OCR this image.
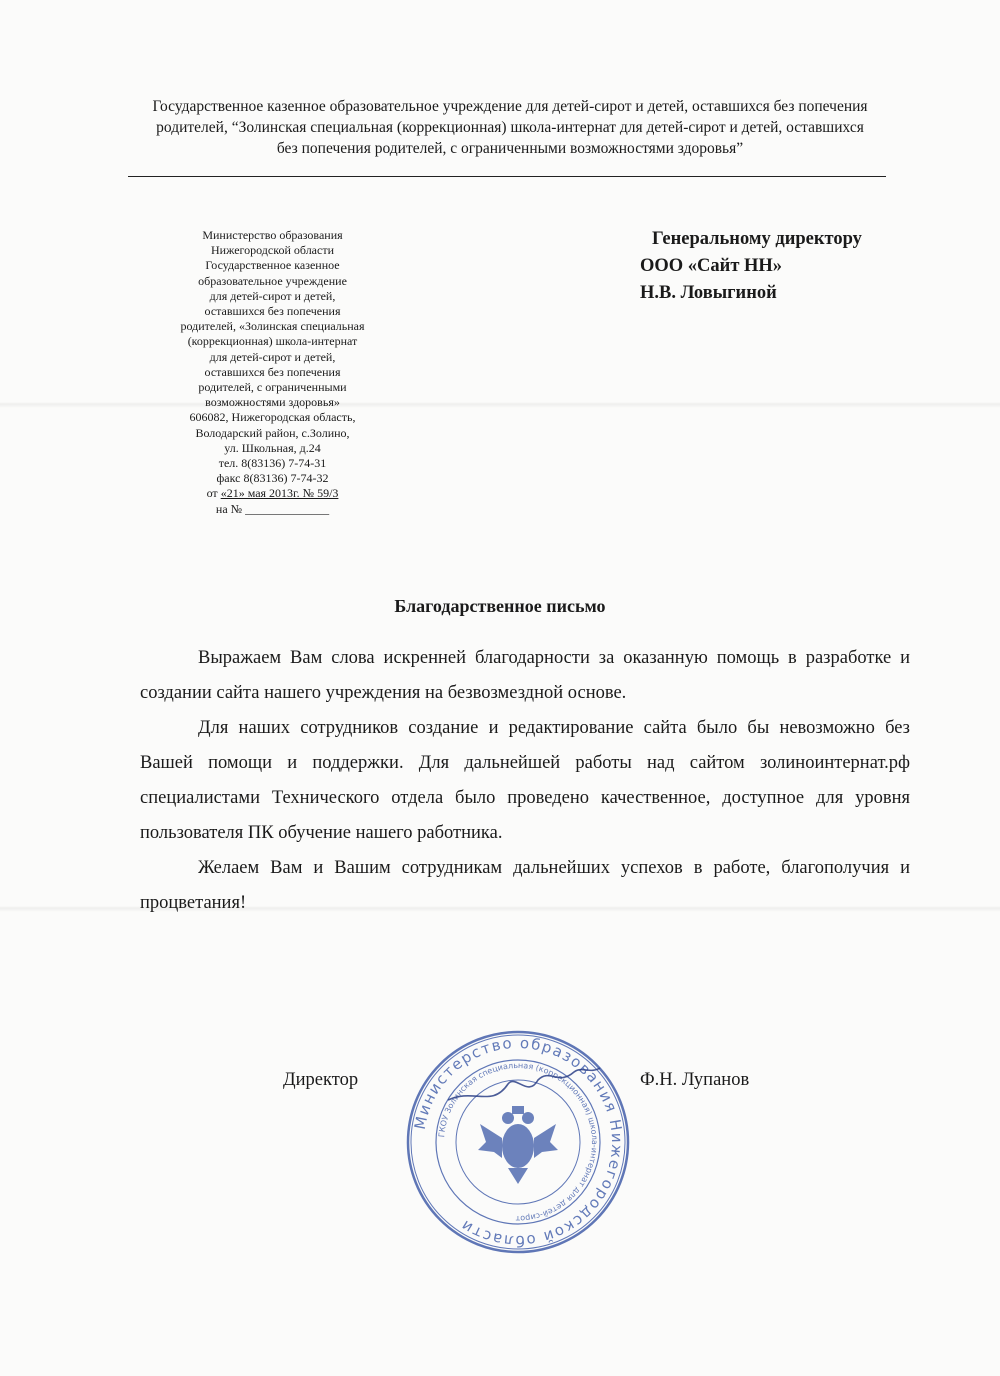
Государственное казенное образовательное учреждение для детей-сирот и детей, оставшихся без попечения
родителей, “Золинская специальная (коррекционная) школа-интернат для детей-сирот и детей, оставшихся
без попечения родителей, с ограниченными возможностями здоровья”
Министерство образования
Нижегородской области
Государственное казенное
образовательное учреждение
для детей-сирот и детей,
оставшихся без попечения
родителей, «Золинская специальная
(коррекционная) школа-интернат
для детей-сирот и детей,
оставшихся без попечения
родителей, с ограниченными
возможностями здоровья»
606082, Нижегородская область,
Володарский район, с.Золино,
ул. Школьная, д.24
тел. 8(83136) 7-74-31
факс 8(83136) 7-74-32
от «21» мая 2013г. № 59/3
на № ______________
Генеральному директору
ООО «Сайт НН»
Н.В. Ловыгиной
Благодарственное письмо

Выражаем Вам слова искренней благодарности за оказанную помощь в разработке и создании сайта нашего учреждения на безвозмездной основе.

Для наших сотрудников создание и редактирование сайта было бы невозможно без Вашей помощи и поддержки. Для дальнейшей работы над сайтом золиноинтернат.рф специалистами Технического отдела было проведено качественное, доступное для уровня пользователя ПК обучение нашего работника.

Желаем Вам и Вашим сотрудникам дальнейших успехов в работе, благополучия и процветания!

Директор	Ф.Н. Лупанов
Министерство образования Нижегородской области
ГКОУ Золинская специальная (коррекционная) школа-интернат для детей-сирот
